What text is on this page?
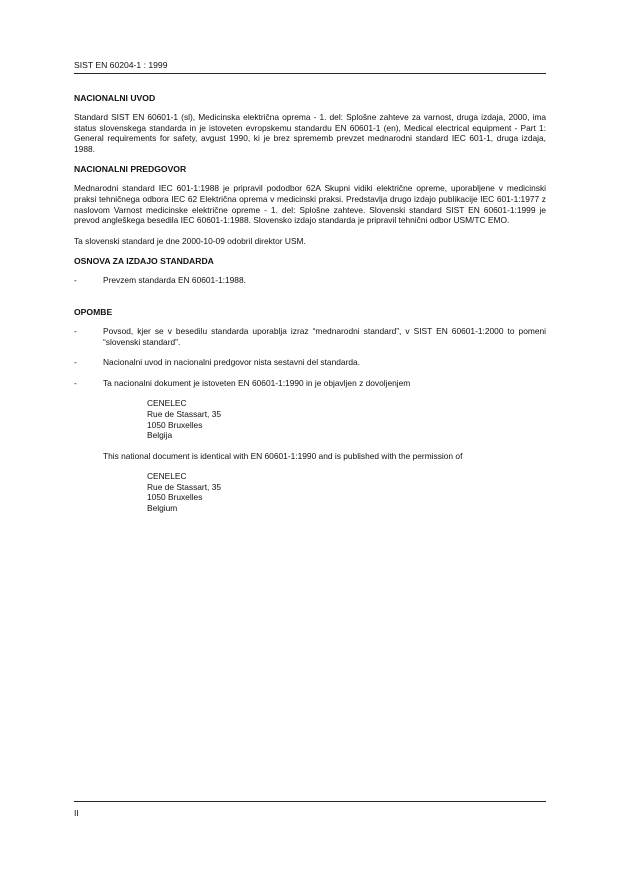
SIST EN 60204-1 : 1999
NACIONALNI UVOD

Standard SIST EN 60601-1 (sl), Medicinska električna oprema - 1. del: Splošne zahteve za varnost, druga izdaja, 2000, ima status slovenskega standarda in je istoveten evropskemu standardu EN 60601-1 (en), Medical electrical equipment - Part 1: General requirements for safety, avgust 1990, ki je brez sprememb prevzet mednarodni standard IEC 601-1, druga izdaja, 1988.

NACIONALNI PREDGOVOR

Mednarodni standard IEC 601-1:1988 je pripravil pododbor 62A Skupni vidiki električne opreme, uporabljene v medicinski praksi tehničnega odbora IEC 62 Električna oprema v medicinski praksi. Predstavlja drugo izdajo publikacije IEC 601-1:1977 z naslovom Varnost medicinske električne opreme - 1. del: Splošne zahteve. Slovenski standard SIST EN 60601-1:1999 je prevod angleškega besedila IEC 60601-1:1988. Slovensko izdajo standarda je pripravil tehnični odbor USM/TC EMO.

Ta slovenski standard je dne 2000-10-09 odobril direktor USM.

OSNOVA ZA IZDAJO STANDARDA
-	Prevzem standarda EN 60601-1:1988.
OPOMBE
-	Povsod, kjer se v besedilu standarda uporablja izraz “mednarodni standard”, v SIST EN 60601-1:2000 to pomeni “slovenski standard”.
-	Nacionalni uvod in nacionalni predgovor nista sestavni del standarda.
-	Ta nacionalni dokument je istoveten EN 60601-1:1990 in je objavljen z dovoljenjem
CENELEC
Rue de Stassart, 35
1050 Bruxelles
Belgija
This national document is identical with EN 60601-1:1990 and is published with the permission of
CENELEC
Rue de Stassart, 35
1050 Bruxelles
Belgium
II
